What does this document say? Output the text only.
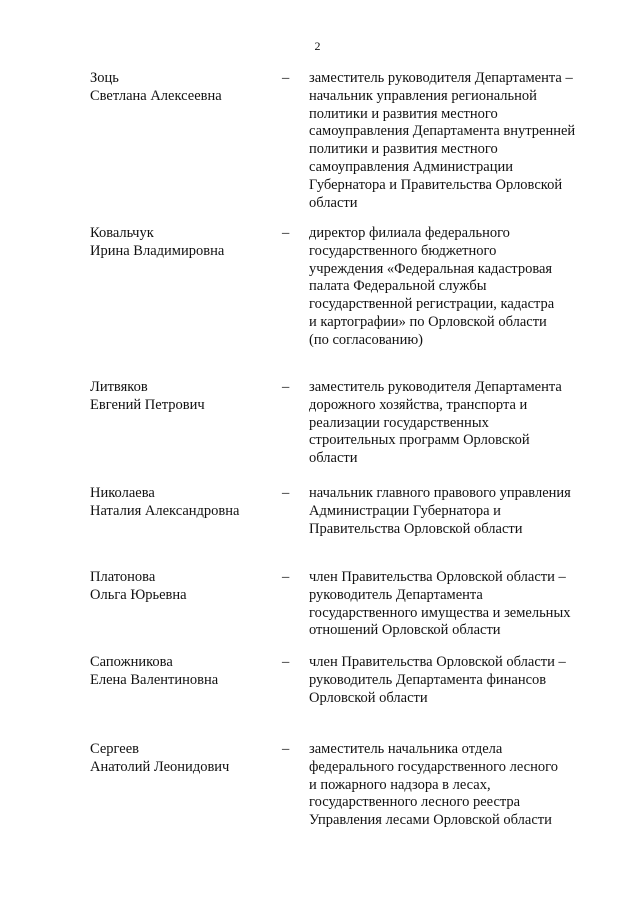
2
Зоць
Светлана Алексеевна
– заместитель руководителя Департамента –
начальник управления региональной
политики и развития местного
самоуправления Департамента внутренней
политики и развития местного
самоуправления Администрации
Губернатора и Правительства Орловской
области
Ковальчук
Ирина Владимировна
– директор филиала федерального
государственного бюджетного
учреждения «Федеральная кадастровая
палата Федеральной службы
государственной регистрации, кадастра
и картографии» по Орловской области
(по согласованию)
Литвяков
Евгений Петрович
– заместитель руководителя Департамента
дорожного хозяйства, транспорта и
реализации государственных
строительных программ Орловской
области
Николаева
Наталия Александровна
– начальник главного правового управления
Администрации Губернатора и
Правительства Орловской области
Платонова
Ольга Юрьевна
– член Правительства Орловской области –
руководитель Департамента
государственного имущества и земельных
отношений Орловской области
Сапожникова
Елена Валентиновна
– член Правительства Орловской области –
руководитель Департамента финансов
Орловской области
Сергеев
Анатолий Леонидович
– заместитель начальника отдела
федерального государственного лесного
и пожарного надзора в лесах,
государственного лесного реестра
Управления лесами Орловской области
